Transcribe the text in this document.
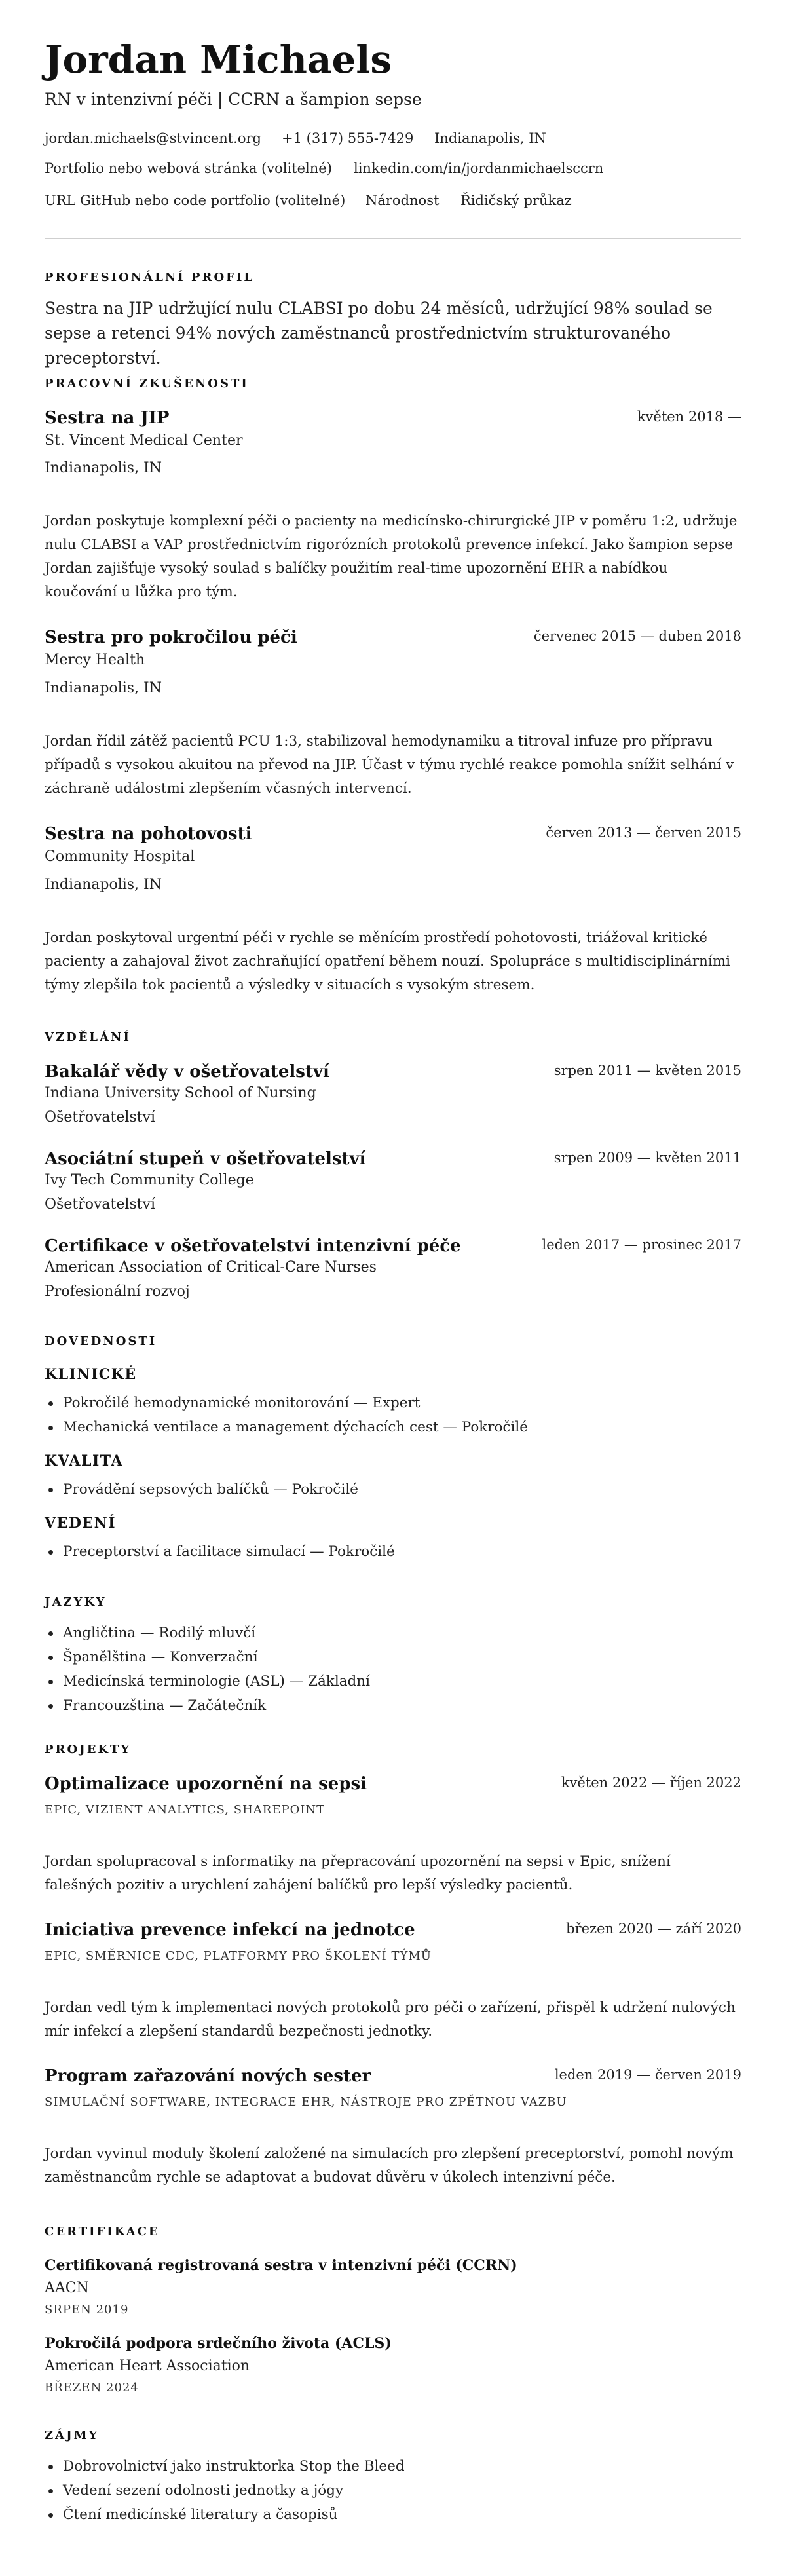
Jordan Michaels
RN v intenzivní péči | CCRN a šampion sepse
jordan.michaels@stvincent.org +1 (317) 555-7429 Indianapolis, IN
Portfolio nebo webová stránka (volitelné) linkedin.com/in/jordanmichaelsccrn
URL GitHub nebo code portfolio (volitelné) Národnost Řidičský průkaz
PROFESIONÁLNÍ PROFIL

Sestra na JIP udržující nulu CLABSI po dobu 24 měsíců, udržující 98% soulad se sepse a retenci 94% nových zaměstnanců prostřednictvím strukturovaného preceptorství.

PRACOVNÍ ZKUŠENOSTI
Sestra na JIP	květen 2018 —
St. Vincent Medical Center
Indianapolis, IN

Jordan poskytuje komplexní péči o pacienty na medicínsko-chirurgické JIP v poměru 1:2, udržuje nulu CLABSI a VAP prostřednictvím rigorózních protokolů prevence infekcí. Jako šampion sepse Jordan zajišťuje vysoký soulad s balíčky použitím real-time upozornění EHR a nabídkou koučování u lůžka pro tým.

Sestra pro pokročilou péči	červenec 2015 — duben 2018
Mercy Health
Indianapolis, IN

Jordan řídil zátěž pacientů PCU 1:3, stabilizoval hemodynamiku a titroval infuze pro přípravu případů s vysokou akuitou na převod na JIP. Účast v týmu rychlé reakce pomohla snížit selhání v záchraně událostmi zlepšením včasných intervencí.

Sestra na pohotovosti	červen 2013 — červen 2015
Community Hospital
Indianapolis, IN

Jordan poskytoval urgentní péči v rychle se měnícím prostředí pohotovosti, triážoval kritické pacienty a zahajoval život zachraňující opatření během nouzí. Spolupráce s multidisciplinárními týmy zlepšila tok pacientů a výsledky v situacích s vysokým stresem.

VZDĚLÁNÍ
Bakalář vědy v ošetřovatelství	srpen 2011 — květen 2015
Indiana University School of Nursing
Ošetřovatelství
Asociátní stupeň v ošetřovatelství	srpen 2009 — květen 2011
Ivy Tech Community College
Ošetřovatelství
Certifikace v ošetřovatelství intenzivní péče	leden 2017 — prosinec 2017
American Association of Critical-Care Nurses
Profesionální rozvoj
DOVEDNOSTI
KLINICKÉ
Pokročilé hemodynamické monitorování — Expert
Mechanická ventilace a management dýchacích cest — Pokročilé
KVALITA
Provádění sepsových balíčků — Pokročilé
VEDENÍ
Preceptorství a facilitace simulací — Pokročilé
JAZYKY
Angličtina — Rodilý mluvčí
Španělština — Konverzační
Medicínská terminologie (ASL) — Základní
Francouzština — Začátečník
PROJEKTY
Optimalizace upozornění na sepsi	květen 2022 — říjen 2022
EPIC, VIZIENT ANALYTICS, SHAREPOINT

Jordan spolupracoval s informatiky na přepracování upozornění na sepsi v Epic, snížení falešných pozitiv a urychlení zahájení balíčků pro lepší výsledky pacientů.

Iniciativa prevence infekcí na jednotce	březen 2020 — září 2020
EPIC, SMĚRNICE CDC, PLATFORMY PRO ŠKOLENÍ TÝMŮ

Jordan vedl tým k implementaci nových protokolů pro péči o zařízení, přispěl k udržení nulových mír infekcí a zlepšení standardů bezpečnosti jednotky.

Program zařazování nových sester	leden 2019 — červen 2019
SIMULAČNÍ SOFTWARE, INTEGRACE EHR, NÁSTROJE PRO ZPĚTNOU VAZBU

Jordan vyvinul moduly školení založené na simulacích pro zlepšení preceptorství, pomohl novým zaměstnancům rychle se adaptovat a budovat důvěru v úkolech intenzivní péče.

CERTIFIKACE
Certifikovaná registrovaná sestra v intenzivní péči (CCRN)
AACN
SRPEN 2019
Pokročilá podpora srdečního života (ACLS)
American Heart Association
BŘEZEN 2024
ZÁJMY
Dobrovolnictví jako instruktorka Stop the Bleed
Vedení sezení odolnosti jednotky a jógy
Čtení medicínské literatury a časopisů
